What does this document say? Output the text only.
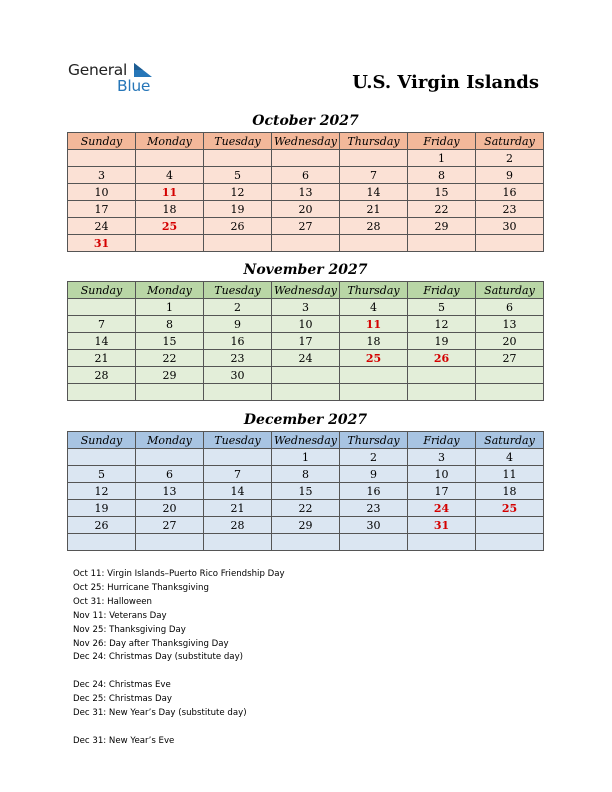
General
Blue	U.S. Virgin Islands
October 2027
Sunday	Monday	Tuesday	Wednesday	Thursday	Friday	Saturday
					1	2
3	4	5	6	7	8	9
10	11	12	13	14	15	16
17	18	19	20	21	22	23
24	25	26	27	28	29	30
31						
November 2027
Sunday	Monday	Tuesday	Wednesday	Thursday	Friday	Saturday
	1	2	3	4	5	6
7	8	9	10	11	12	13
14	15	16	17	18	19	20
21	22	23	24	25	26	27
28	29	30				

December 2027
Sunday	Monday	Tuesday	Wednesday	Thursday	Friday	Saturday
			1	2	3	4
5	6	7	8	9	10	11
12	13	14	15	16	17	18
19	20	21	22	23	24	25
26	27	28	29	30	31	

Oct 11: Virgin Islands–Puerto Rico Friendship Day
Oct 25: Hurricane Thanksgiving
Oct 31: Halloween
Nov 11: Veterans Day
Nov 25: Thanksgiving Day
Nov 26: Day after Thanksgiving Day
Dec 24: Christmas Day (substitute day)
Dec 24: Christmas Eve
Dec 25: Christmas Day
Dec 31: New Year’s Day (substitute day)
Dec 31: New Year’s Eve
